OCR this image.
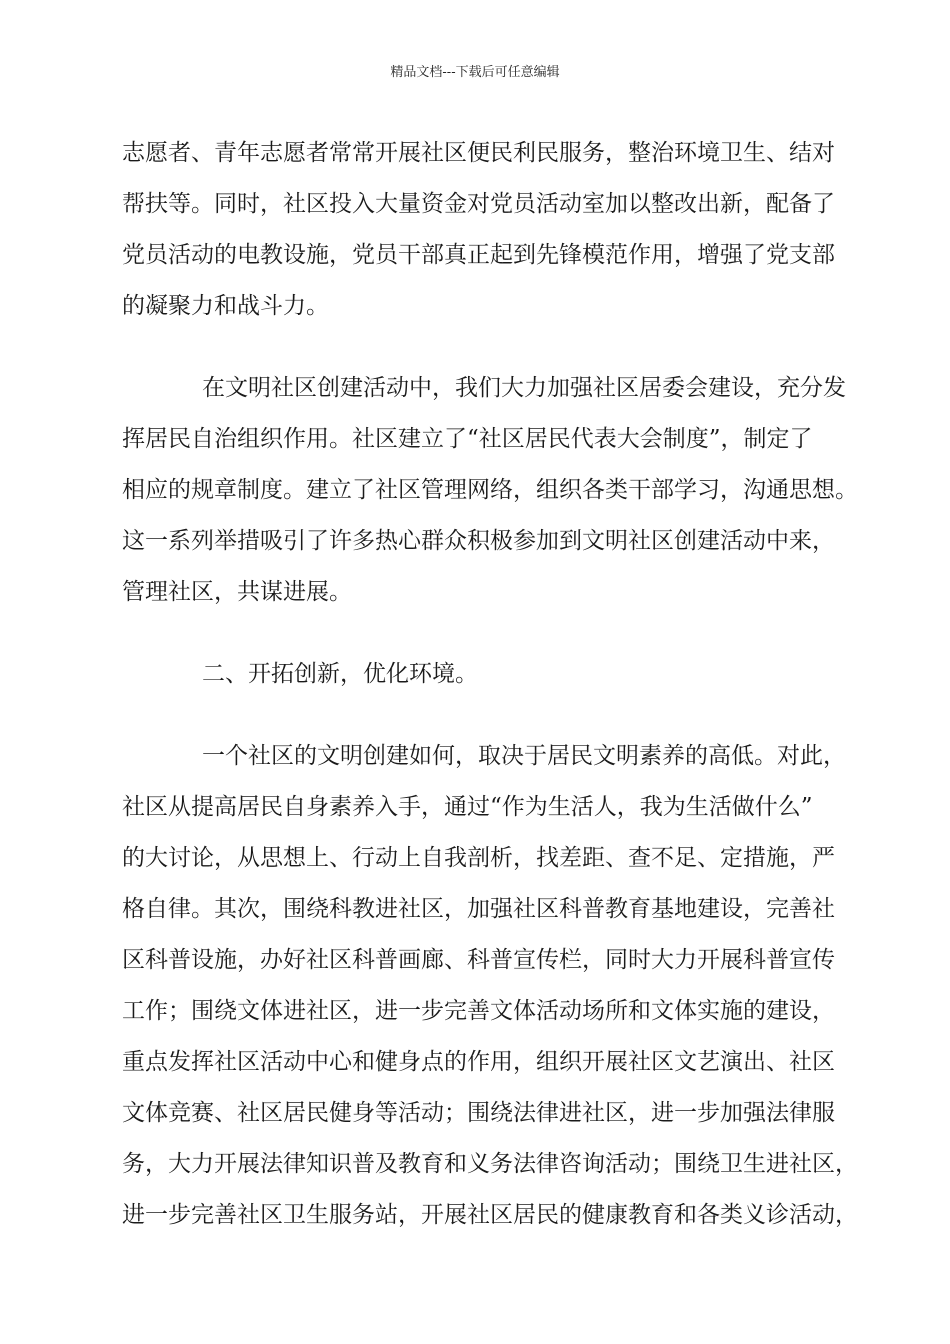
精品文档---下载后可任意编辑
志愿者、青年志愿者常常开展社区便民利民服务，整治环境卫生、结对
帮扶等。同时，社区投入大量资金对党员活动室加以整改出新，配备了
党员活动的电教设施，党员干部真正起到先锋模范作用，增强了党支部
的凝聚力和战斗力。
在文明社区创建活动中，我们大力加强社区居委会建设，充分发
挥居民自治组织作用。社区建立了“社区居民代表大会制度”，制定了
相应的规章制度。建立了社区管理网络，组织各类干部学习，沟通思想。
这一系列举措吸引了许多热心群众积极参加到文明社区创建活动中来，
管理社区，共谋进展。
二、开拓创新，优化环境。
一个社区的文明创建如何，取决于居民文明素养的高低。对此，
社区从提高居民自身素养入手，通过“作为生活人，我为生活做什么”
的大讨论，从思想上、行动上自我剖析，找差距、查不足、定措施，严
格自律。其次，围绕科教进社区，加强社区科普教育基地建设，完善社
区科普设施，办好社区科普画廊、科普宣传栏，同时大力开展科普宣传
工作；围绕文体进社区，进一步完善文体活动场所和文体实施的建设，
重点发挥社区活动中心和健身点的作用，组织开展社区文艺演出、社区
文体竞赛、社区居民健身等活动；围绕法律进社区，进一步加强法律服
务，大力开展法律知识普及教育和义务法律咨询活动；围绕卫生进社区，
进一步完善社区卫生服务站，开展社区居民的健康教育和各类义诊活动，
